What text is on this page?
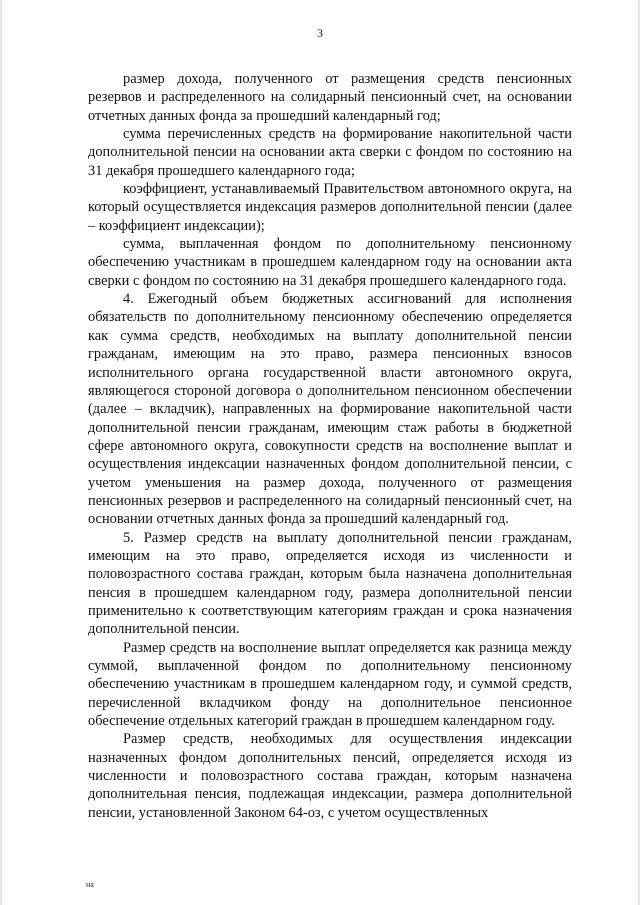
3

размер дохода, полученного от размещения средств пенсионных резервов и распределенного на солидарный пенсионный счет, на основании отчетных данных фонда за прошедший календарный год;

сумма перечисленных средств на формирование накопительной части дополнительной пенсии на основании акта сверки с фондом по состоянию на 31 декабря прошедшего календарного года;

коэффициент, устанавливаемый Правительством автономного округа, на который осуществляется индексация размеров дополнительной пенсии (далее – коэффициент индексации);

сумма, выплаченная фондом по дополнительному пенсионному обеспечению участникам в прошедшем календарном году на основании акта сверки с фондом по состоянию на 31 декабря прошедшего календарного года.

4. Ежегодный объем бюджетных ассигнований для исполнения обязательств по дополнительному пенсионному обеспечению определяется как сумма средств, необходимых на выплату дополнительной пенсии гражданам, имеющим на это право, размера пенсионных взносов исполнительного органа государственной власти автономного округа, являющегося стороной договора о дополнительном пенсионном обеспечении (далее – вкладчик), направленных на формирование накопительной части дополнительной пенсии гражданам, имеющим стаж работы в бюджетной сфере автономного округа, совокупности средств на восполнение выплат и осуществления индексации назначенных фондом дополнительной пенсии, с учетом уменьшения на размер дохода, полученного от размещения пенсионных резервов и распределенного на солидарный пенсионный счет, на основании отчетных данных фонда за прошедший календарный год.

5. Размер средств на выплату дополнительной пенсии гражданам, имеющим на это право, определяется исходя из численности и половозрастного состава граждан, которым была назначена дополнительная пенсия в прошедшем календарном году, размера дополнительной пенсии применительно к соответствующим категориям граждан и срока назначения дополнительной пенсии.

Размер средств на восполнение выплат определяется как разница между суммой, выплаченной фондом по дополнительному пенсионному обеспечению участникам в прошедшем календарном году, и суммой средств, перечисленной вкладчиком фонду на дополнительное пенсионное обеспечение отдельных категорий граждан в прошедшем календарном году.

Размер средств, необходимых для осуществления индексации назначенных фондом дополнительных пенсий, определяется исходя из численности и половозрастного состава граждан, которым назначена дополнительная пенсия, подлежащая индексации, размера дополнительной пенсии, установленной Законом 64-оз, с учетом осуществленных

на
